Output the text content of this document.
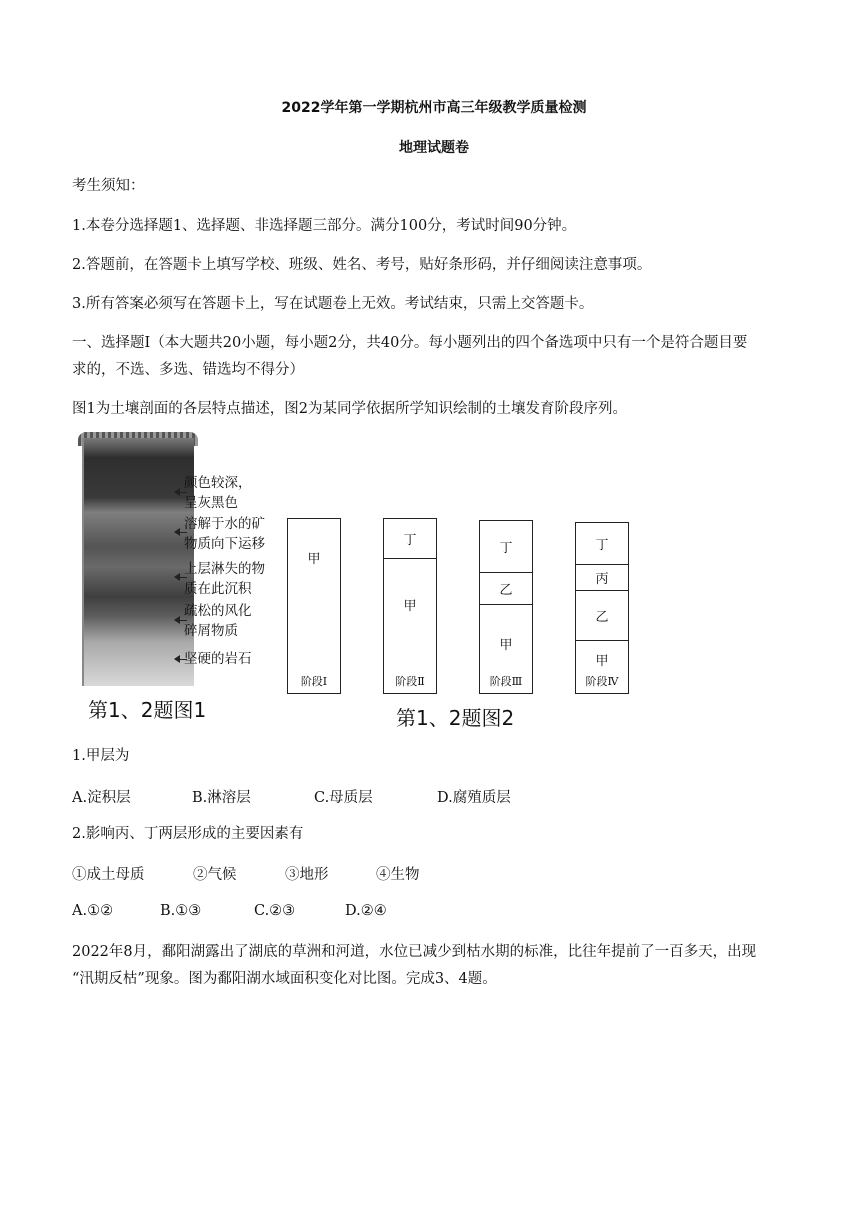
2022学年第一学期杭州市高三年级教学质量检测
地理试题卷
考生须知：
1.本卷分选择题1、选择题、非选择题三部分。满分100分，考试时间90分钟。
2.答题前，在答题卡上填写学校、班级、姓名、考号，贴好条形码，并仔细阅读注意事项。
3.所有答案必须写在答题卡上，写在试题卷上无效。考试结束，只需上交答题卡。
一、选择题Ⅰ（本大题共20小题，每小题2分，共40分。每小题列出的四个备选项中只有一个是符合题目要
求的，不选、多选、错选均不得分）
图1为土壤剖面的各层特点描述，图2为某同学依据所学知识绘制的土壤发育阶段序列。
颜色较深，
呈灰黑色
溶解于水的矿
物质向下运移
上层淋失的物
质在此沉积
疏松的风化
碎屑物质
坚硬的岩石
第1、2题图1	第1、2题图2
甲
阶段Ⅰ
丁
甲
阶段Ⅱ
丁
乙
甲
阶段Ⅲ
丁
丙
乙
甲
阶段Ⅳ
1.甲层为
A.淀积层	B.淋溶层	C.母质层	D.腐殖质层
2.影响丙、丁两层形成的主要因素有
①成土母质	②气候	③地形	④生物
A.①②	B.①③	C.②③	D.②④
2022年8月，鄱阳湖露出了湖底的草洲和河道，水位已减少到枯水期的标准，比往年提前了一百多天，出现
“汛期反枯”现象。图为鄱阳湖水域面积变化对比图。完成3、4题。
